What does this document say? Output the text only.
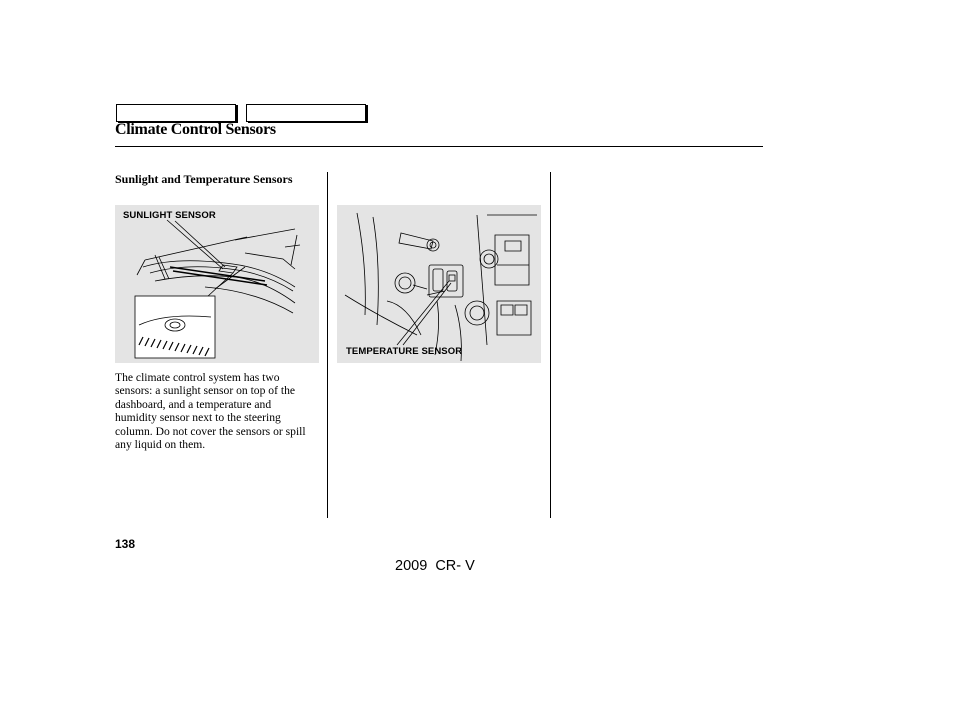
Climate Control Sensors
Sunlight and Temperature Sensors
SUNLIGHT SENSOR
TEMPERATURE SENSOR
The climate control system has two sensors: a sunlight sensor on top of the dashboard, and a temperature and humidity sensor next to the steering column. Do not cover the sensors or spill any liquid on them.
138
2009  CR- V
